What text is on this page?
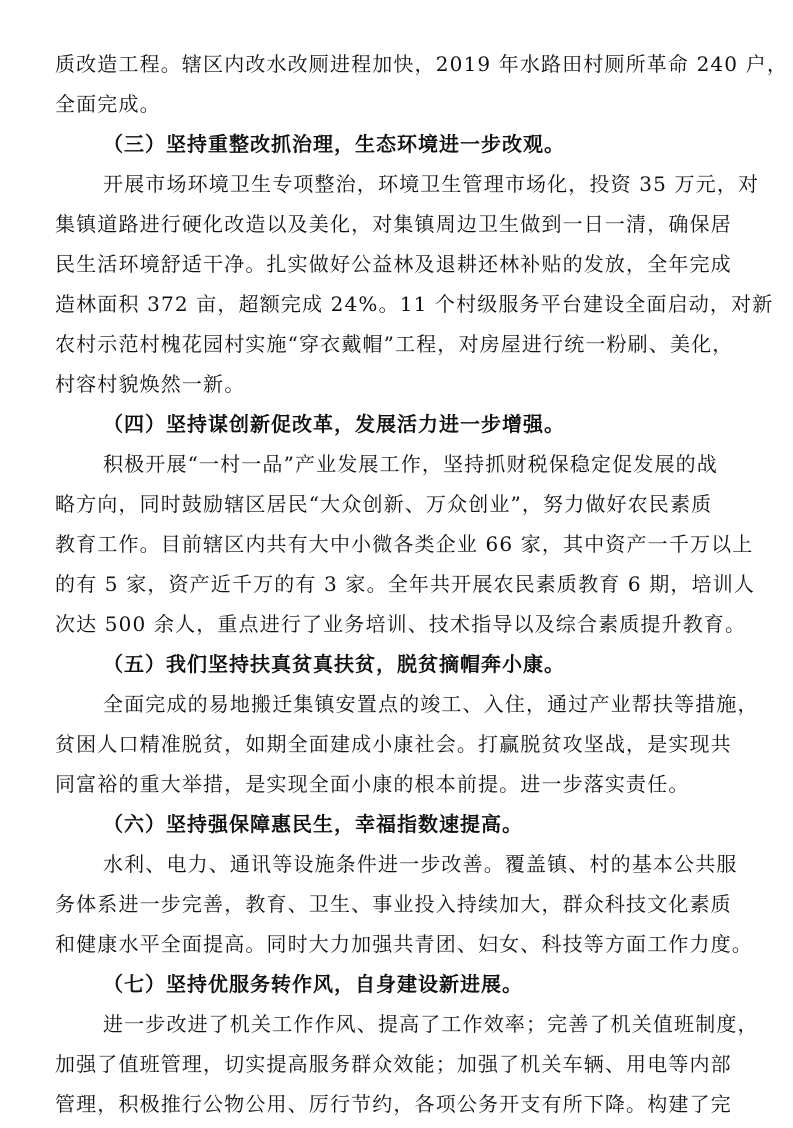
质改造工程。辖区内改水改厕进程加快，2019 年水路田村厕所革命 240 户，
全面完成。
（三）坚持重整改抓治理，生态环境进一步改观。
开展市场环境卫生专项整治，环境卫生管理市场化，投资 35 万元，对
集镇道路进行硬化改造以及美化，对集镇周边卫生做到一日一清，确保居
民生活环境舒适干净。扎实做好公益林及退耕还林补贴的发放，全年完成
造林面积 372 亩，超额完成 24%。11 个村级服务平台建设全面启动，对新
农村示范村槐花园村实施“穿衣戴帽”工程，对房屋进行统一粉刷、美化，
村容村貌焕然一新。
（四）坚持谋创新促改革，发展活力进一步增强。
积极开展“一村一品”产业发展工作，坚持抓财税保稳定促发展的战
略方向，同时鼓励辖区居民“大众创新、万众创业”，努力做好农民素质
教育工作。目前辖区内共有大中小微各类企业 66 家，其中资产一千万以上
的有 5 家，资产近千万的有 3 家。全年共开展农民素质教育 6 期，培训人
次达 500 余人，重点进行了业务培训、技术指导以及综合素质提升教育。
（五）我们坚持扶真贫真扶贫，脱贫摘帽奔小康。
全面完成的易地搬迁集镇安置点的竣工、入住，通过产业帮扶等措施，
贫困人口精准脱贫，如期全面建成小康社会。打赢脱贫攻坚战，是实现共
同富裕的重大举措，是实现全面小康的根本前提。进一步落实责任。
（六）坚持强保障惠民生，幸福指数速提高。
水利、电力、通讯等设施条件进一步改善。覆盖镇、村的基本公共服
务体系进一步完善，教育、卫生、事业投入持续加大，群众科技文化素质
和健康水平全面提高。同时大力加强共青团、妇女、科技等方面工作力度。
（七）坚持优服务转作风，自身建设新进展。
进一步改进了机关工作作风、提高了工作效率；完善了机关值班制度，
加强了值班管理，切实提高服务群众效能；加强了机关车辆、用电等内部
管理，积极推行公物公用、厉行节约，各项公务开支有所下降。构建了完
